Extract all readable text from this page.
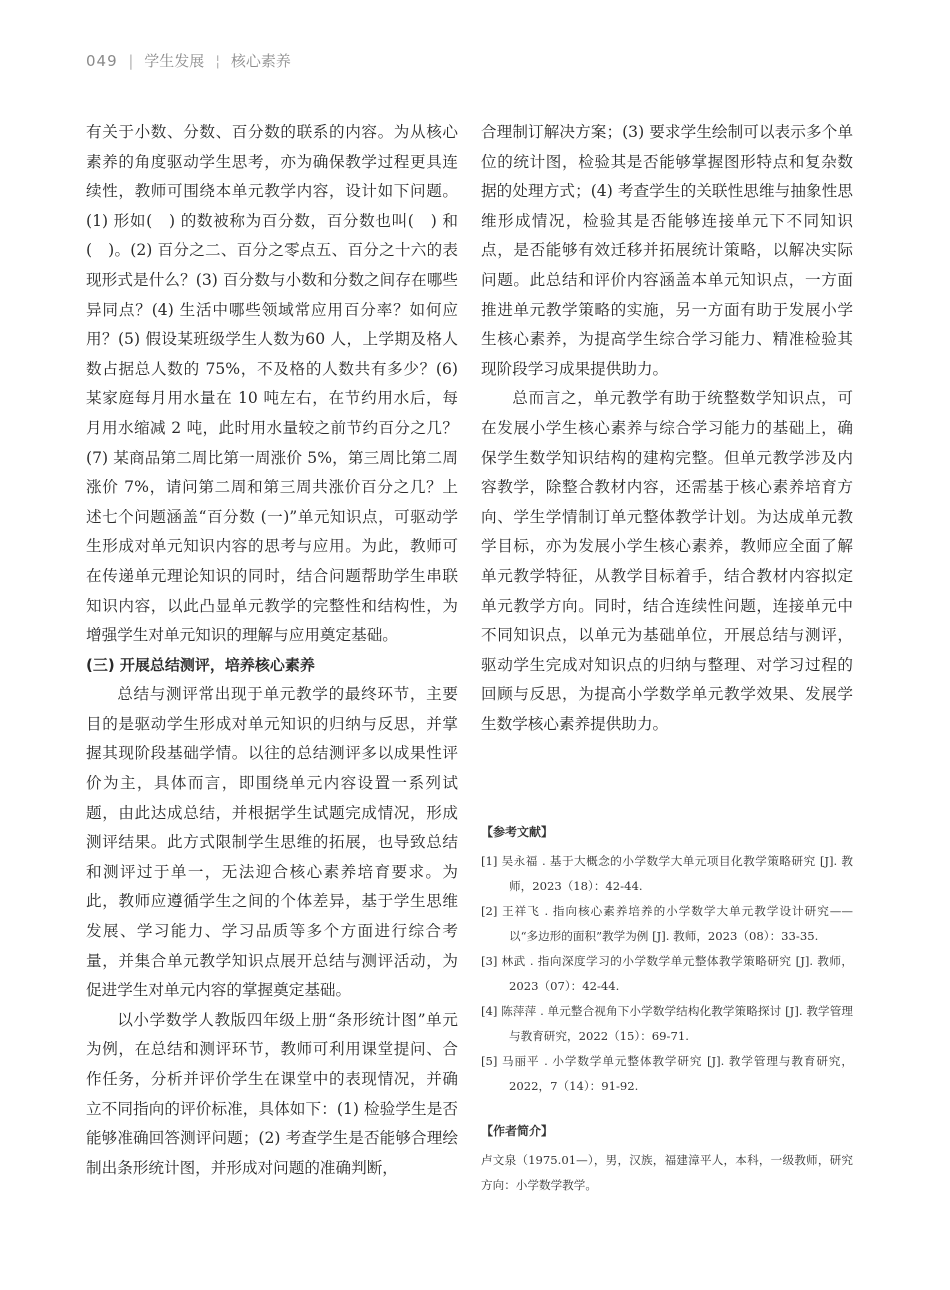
049 | 学生发展 ¦ 核心素养

有关于小数、分数、百分数的联系的内容。为从核心素养的角度驱动学生思考，亦为确保教学过程更具连续性，教师可围绕本单元教学内容，设计如下问题。(1) 形如(　) 的数被称为百分数，百分数也叫(　) 和(　)。(2) 百分之二、百分之零点五、百分之十六的表现形式是什么？(3) 百分数与小数和分数之间存在哪些异同点？(4) 生活中哪些领域常应用百分率？如何应用？(5) 假设某班级学生人数为60 人，上学期及格人数占据总人数的 75%，不及格的人数共有多少？(6) 某家庭每月用水量在 10 吨左右，在节约用水后，每月用水缩减 2 吨，此时用水量较之前节约百分之几？(7) 某商品第二周比第一周涨价 5%，第三周比第二周涨价 7%，请问第二周和第三周共涨价百分之几？上述七个问题涵盖“百分数 (一)”单元知识点，可驱动学生形成对单元知识内容的思考与应用。为此，教师可在传递单元理论知识的同时，结合问题帮助学生串联知识内容，以此凸显单元教学的完整性和结构性，为增强学生对单元知识的理解与应用奠定基础。

(三) 开展总结测评，培养核心素养

总结与测评常出现于单元教学的最终环节，主要目的是驱动学生形成对单元知识的归纳与反思，并掌握其现阶段基础学情。以往的总结测评多以成果性评价为主，具体而言，即围绕单元内容设置一系列试题，由此达成总结，并根据学生试题完成情况，形成测评结果。此方式限制学生思维的拓展，也导致总结和测评过于单一，无法迎合核心素养培育要求。为此，教师应遵循学生之间的个体差异，基于学生思维发展、学习能力、学习品质等多个方面进行综合考量，并集合单元教学知识点展开总结与测评活动，为促进学生对单元内容的掌握奠定基础。

以小学数学人教版四年级上册“条形统计图”单元为例，在总结和测评环节，教师可利用课堂提问、合作任务，分析并评价学生在课堂中的表现情况，并确立不同指向的评价标准，具体如下：(1) 检验学生是否能够准确回答测评问题；(2) 考查学生是否能够合理绘制出条形统计图，并形成对问题的准确判断，

合理制订解决方案；(3) 要求学生绘制可以表示多个单位的统计图，检验其是否能够掌握图形特点和复杂数据的处理方式；(4) 考查学生的关联性思维与抽象性思维形成情况，检验其是否能够连接单元下不同知识点，是否能够有效迁移并拓展统计策略，以解决实际问题。此总结和评价内容涵盖本单元知识点，一方面推进单元教学策略的实施，另一方面有助于发展小学生核心素养，为提高学生综合学习能力、精准检验其现阶段学习成果提供助力。

总而言之，单元教学有助于统整数学知识点，可在发展小学生核心素养与综合学习能力的基础上，确保学生数学知识结构的建构完整。但单元教学涉及内容教学，除整合教材内容，还需基于核心素养培育方向、学生学情制订单元整体教学计划。为达成单元教学目标，亦为发展小学生核心素养，教师应全面了解单元教学特征，从教学目标着手，结合教材内容拟定单元教学方向。同时，结合连续性问题，连接单元中不同知识点，以单元为基础单位，开展总结与测评，驱动学生完成对知识点的归纳与整理、对学习过程的回顾与反思，为提高小学数学单元教学效果、发展学生数学核心素养提供助力。

【参考文献】

[1] 吴永福 . 基于大概念的小学数学大单元项目化教学策略研究 [J]. 教师，2023（18）：42-44.

[2] 王祥飞 . 指向核心素养培养的小学数学大单元教学设计研究——以“多边形的面积”教学为例 [J]. 教师，2023（08）：33-35.

[3] 林武 . 指向深度学习的小学数学单元整体教学策略研究 [J]. 教师，2023（07）：42-44.

[4] 陈萍萍 . 单元整合视角下小学数学结构化教学策略探讨 [J]. 教学管理与教育研究，2022（15）：69-71.

[5] 马丽平 . 小学数学单元整体教学研究 [J]. 教学管理与教育研究，2022，7（14）：91-92.

【作者简介】

卢文泉（1975.01—），男，汉族，福建漳平人，本科，一级教师，研究方向：小学数学教学。
